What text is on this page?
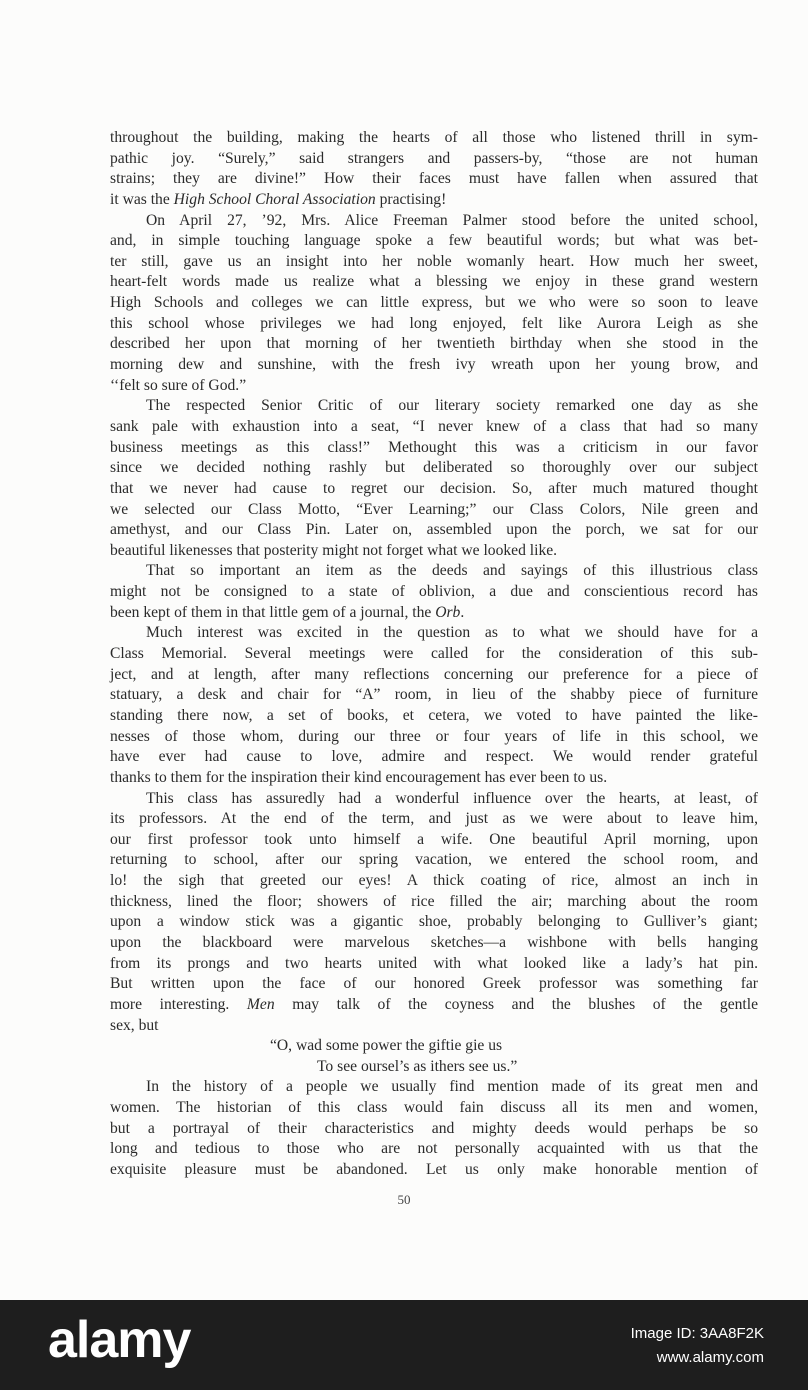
throughout the building, making the hearts of all those who listened thrill in sym-
pathic joy. “Surely,” said strangers and passers-by, “those are not human
strains; they are divine!” How their faces must have fallen when assured that
it was the High School Choral Association practising!
On April 27, ’92, Mrs. Alice Freeman Palmer stood before the united school,
and, in simple touching language spoke a few beautiful words; but what was bet-
ter still, gave us an insight into her noble womanly heart. How much her sweet,
heart-felt words made us realize what a blessing we enjoy in these grand western
High Schools and colleges we can little express, but we who were so soon to leave
this school whose privileges we had long enjoyed, felt like Aurora Leigh as she
described her upon that morning of her twentieth birthday when she stood in the
morning dew and sunshine, with the fresh ivy wreath upon her young brow, and
‘‘felt so sure of God.”
The respected Senior Critic of our literary society remarked one day as she
sank pale with exhaustion into a seat, “I never knew of a class that had so many
business meetings as this class!” Methought this was a criticism in our favor
since we decided nothing rashly but deliberated so thoroughly over our subject
that we never had cause to regret our decision. So, after much matured thought
we selected our Class Motto, “Ever Learning;” our Class Colors, Nile green and
amethyst, and our Class Pin. Later on, assembled upon the porch, we sat for our
beautiful likenesses that posterity might not forget what we looked like.
That so important an item as the deeds and sayings of this illustrious class
might not be consigned to a state of oblivion, a due and conscientious record has
been kept of them in that little gem of a journal, the Orb.
Much interest was excited in the question as to what we should have for a
Class Memorial. Several meetings were called for the consideration of this sub-
ject, and at length, after many reflections concerning our preference for a piece of
statuary, a desk and chair for “A” room, in lieu of the shabby piece of furniture
standing there now, a set of books, et cetera, we voted to have painted the like-
nesses of those whom, during our three or four years of life in this school, we
have ever had cause to love, admire and respect. We would render grateful
thanks to them for the inspiration their kind encouragement has ever been to us.
This class has assuredly had a wonderful influence over the hearts, at least, of
its professors. At the end of the term, and just as we were about to leave him,
our first professor took unto himself a wife. One beautiful April morning, upon
returning to school, after our spring vacation, we entered the school room, and
lo! the sigh that greeted our eyes! A thick coating of rice, almost an inch in
thickness, lined the floor; showers of rice filled the air; marching about the room
upon a window stick was a gigantic shoe, probably belonging to Gulliver’s giant;
upon the blackboard were marvelous sketches—a wishbone with bells hanging
from its prongs and two hearts united with what looked like a lady’s hat pin.
But written upon the face of our honored Greek professor was something far
more interesting. Men may talk of the coyness and the blushes of the gentle
sex, but
“O, wad some power the giftie gie us
To see oursel’s as ithers see us.”
In the history of a people we usually find mention made of its great men and
women. The historian of this class would fain discuss all its men and women,
but a portrayal of their characteristics and mighty deeds would perhaps be so
long and tedious to those who are not personally acquainted with us that the
exquisite pleasure must be abandoned. Let us only make honorable mention of
50
alamy	Image ID: 3AA8F2K
www.alamy.com
